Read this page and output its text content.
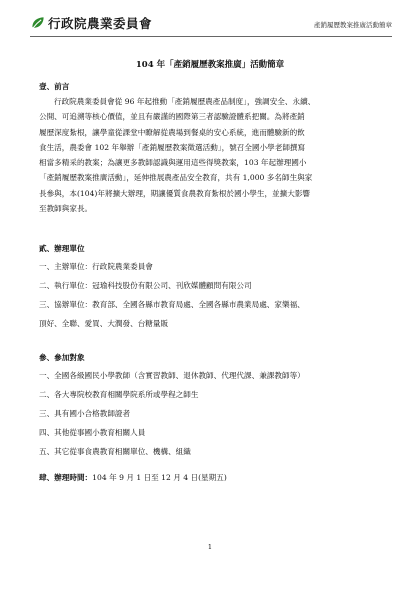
行政院農業委員會	產銷履歷教案推廣活動簡章
104 年「產銷履歷教案推廣」活動簡章
壹、前言
行政院農業委員會從 96 年起推動「產銷履歷農產品制度」，強調安全、永續、
公開、可追溯等核心價值，並且有嚴謹的國際第三者認驗證體系把關。為將產銷
履歷深度紮根，讓學童從課堂中瞭解從農場到餐桌的安心系統，進而體驗新的飲
食生活，農委會 102 年舉辦「產銷履歷教案徵選活動」，號召全國小學老師撰寫
相當多精采的教案；為讓更多教師認識與運用這些得獎教案，103 年起辦理國小
「產銷履歷教案推廣活動」，延伸推展農產品安全教育，共有 1,000 多名師生與家
長參與，本(104)年將擴大辦理，期讓優質食農教育紮根於國小學生，並擴大影響
至教師與家長。
貳、辦理單位
一、主辦單位：行政院農業委員會
二、執行單位：冠瑜科技股份有限公司、刊欣媒體顧問有限公司
三、協辦單位：教育部、全國各縣市教育局處、全國各縣市農業局處、家樂福、
頂好、全聯、愛買、大潤發、台糖量販
參、參加對象
一、全國各級國民小學教師（含實習教師、退休教師、代理代課、兼課教師等）
二、各大專院校教育相關學院系所或學程之師生
三、具有國小合格教師證者
四、其他從事國小教育相關人員
五、其它從事食農教育相關單位、機構、組織
肆、辦理時間：104 年 9 月 1 日至 12 月 4 日(星期五)
1
